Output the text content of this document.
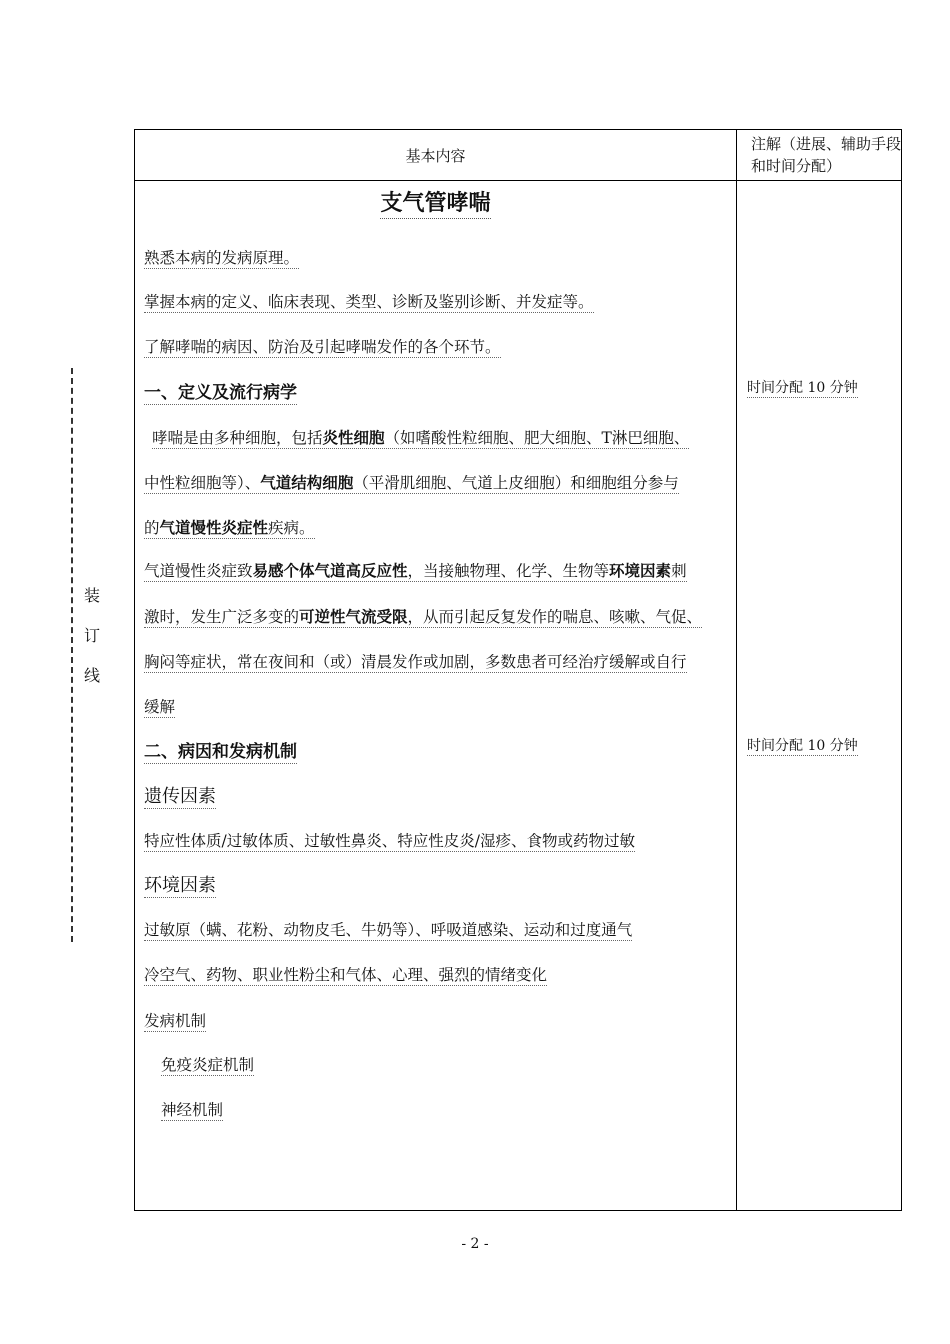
装
订
线
基本内容
注解（进展、辅助手段和时间分配）
支气管哮喘
熟悉本病的发病原理。
掌握本病的定义、临床表现、类型、诊断及鉴别诊断、并发症等。
了解哮喘的病因、防治及引起哮喘发作的各个环节。
一、定义及流行病学
哮喘是由多种细胞，包括炎性细胞（如嗜酸性粒细胞、肥大细胞、T淋巴细胞、
中性粒细胞等）、气道结构细胞（平滑肌细胞、气道上皮细胞）和细胞组分参与
的气道慢性炎症性疾病。
气道慢性炎症致易感个体气道高反应性，当接触物理、化学、生物等环境因素刺
激时，发生广泛多变的可逆性气流受限，从而引起反复发作的喘息、咳嗽、气促、
胸闷等症状，常在夜间和（或）清晨发作或加剧，多数患者可经治疗缓解或自行
缓解
二、病因和发病机制
遗传因素
特应性体质/过敏体质、过敏性鼻炎、特应性皮炎/湿疹、食物或药物过敏
环境因素
过敏原（螨、花粉、动物皮毛、牛奶等）、呼吸道感染、运动和过度通气
冷空气、药物、职业性粉尘和气体、心理、强烈的情绪变化
发病机制
免疫炎症机制
神经机制
时间分配 10 分钟
时间分配 10 分钟
- 2 -
